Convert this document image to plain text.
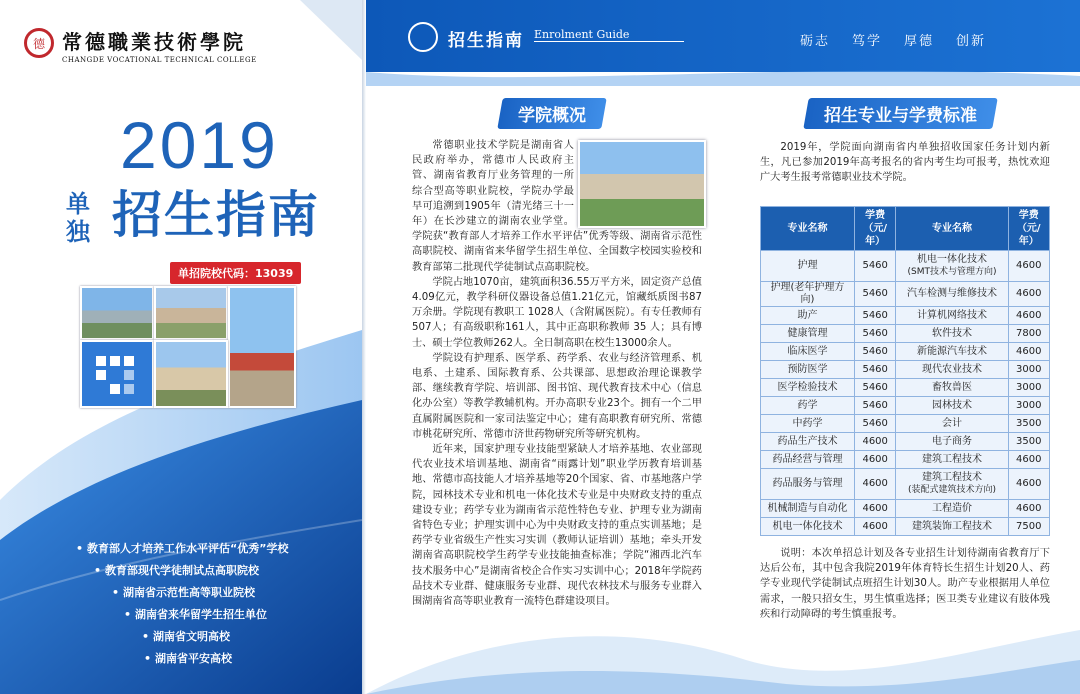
德 常德職業技術學院
CHANGDE VOCATIONAL TECHNICAL COLLEGE
2019
单独 招生指南
单招院校代码：13039
• 教育部人才培养工作水平评估“优秀”学校
• 教育部现代学徒制试点高职院校
• 湖南省示范性高等职业院校
• 湖南省来华留学生招生单位
• 湖南省文明高校
• 湖南省平安高校
招生指南 Enrolment Guide	砺志 笃学 厚德 创新
学院概况

常德职业技术学院是湖南省人民政府举办，常德市人民政府主管、湖南省教育厅业务管理的一所综合型高等职业院校，学院办学最早可追溯到1905年（清光绪三十一年）在长沙建立的湖南农业学堂。学院获“教育部人才培养工作水平评估”优秀等级、湖南省示范性高职院校、湖南省来华留学生招生单位、全国数字校园实验校和教育部第二批现代学徒制试点高职院校。

学院占地1070亩，建筑面积36.55万平方米，固定资产总值4.09亿元，教学科研仪器设备总值1.21亿元，馆藏纸质图书87万余册。学院现有教职工 1028人（含附属医院）。有专任教师有507人；有高级职称161人，其中正高职称教师 35 人；具有博士、硕士学位教师262人。全日制高职在校生13000余人。

学院设有护理系、医学系、药学系、农业与经济管理系、机电系、土建系、国际教育系、公共课部、思想政治理论课教学部、继续教育学院、培训部、图书馆、现代教育技术中心（信息化办公室）等教学教辅机构。开办高职专业23个。拥有一个二甲直属附属医院和一家司法鉴定中心；建有高职教育研究所、常德市桃花研究所、常德市济世药物研究所等研究机构。

近年来，国家护理专业技能型紧缺人才培养基地、农业部现代农业技术培训基地、湖南省“雨露计划”职业学历教育培训基地、常德市高技能人才培养基地等20个国家、省、市基地落户学院，园林技术专业和机电一体化技术专业是中央财政支持的重点建设专业；药学专业为湖南省示范性特色专业、护理专业为湖南省特色专业；护理实训中心为中央财政支持的重点实训基地；是药学专业省级生产性实习实训（教师认证培训）基地；牵头开发湖南省高职院校学生药学专业技能抽查标准；学院“湘西北汽车技术服务中心”是湖南省校企合作实习实训中心；2018年学院药品技术专业群、健康服务专业群、现代农林技术与服务专业群入围湖南省高等职业教育一流特色群建设项目。

招生专业与学费标准

2019年，学院面向湖南省内单独招收国家任务计划内新生，凡已参加2019年高考报名的省内考生均可报考，热忱欢迎广大考生报考常德职业技术学院。

专业名称	学费（元/年）	专业名称	学费（元/年）
护理	5460	机电一体化技术
(SMT技术与管理方向)	4600
护理(老年护理方向)	5460	汽车检测与维修技术	4600
助产	5460	计算机网络技术	4600
健康管理	5460	软件技术	7800
临床医学	5460	新能源汽车技术	4600
预防医学	5460	现代农业技术	3000
医学检验技术	5460	畜牧兽医	3000
药学	5460	园林技术	3000
中药学	5460	会计	3500
药品生产技术	4600	电子商务	3500
药品经营与管理	4600	建筑工程技术	4600
药品服务与管理	4600	建筑工程技术
(装配式建筑技术方向)	4600
机械制造与自动化	4600	工程造价	4600
机电一体化技术	4600	建筑装饰工程技术	7500

说明：本次单招总计划及各专业招生计划待湖南省教育厅下达后公布，其中包含我院2019年体育特长生招生计划20人、药学专业现代学徒制试点班招生计划30人。助产专业根据用人单位需求，一般只招女生，男生慎重选择；医卫类专业建议有肢体残疾和行动障碍的考生慎重报考。
